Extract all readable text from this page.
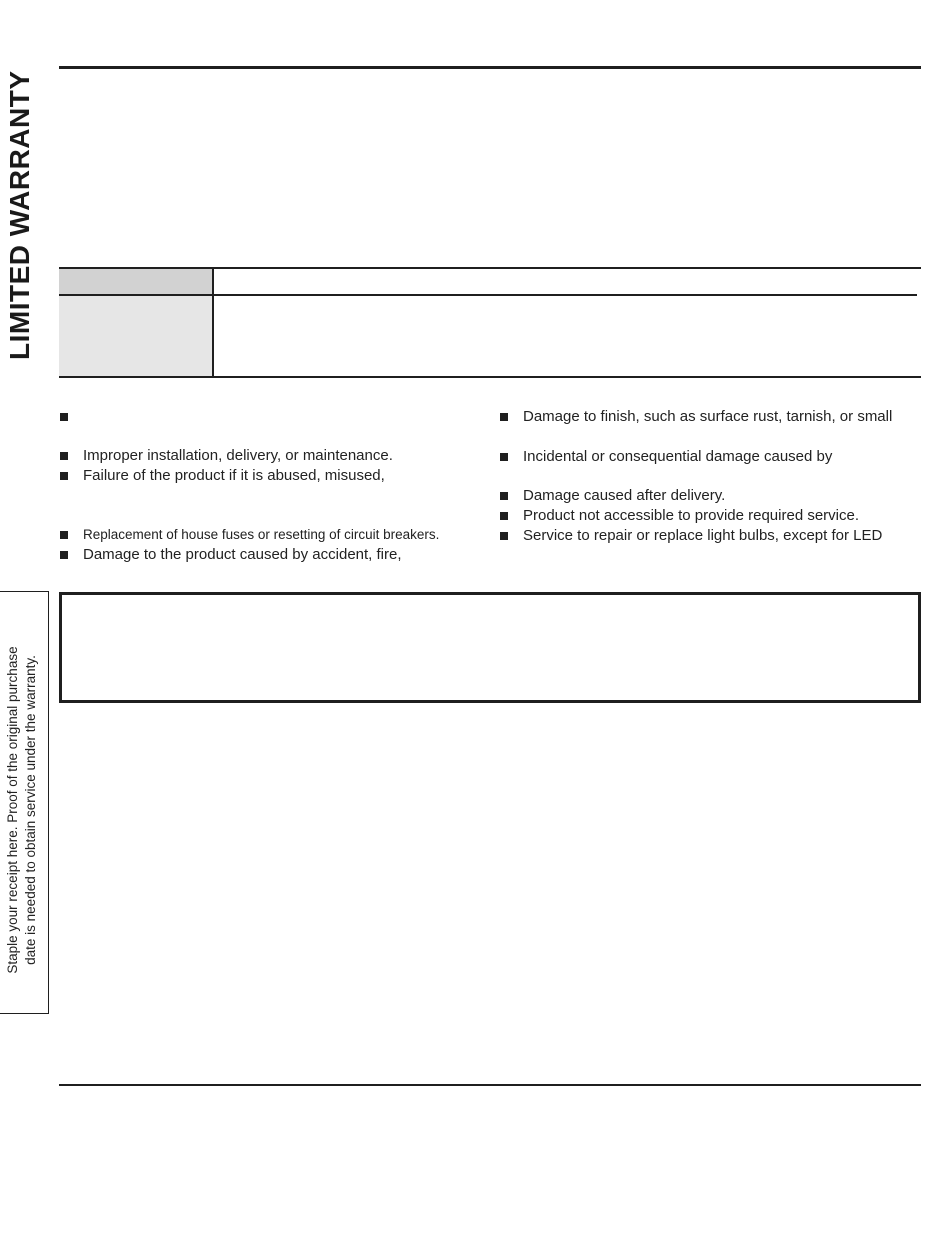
LIMITED WARRANTY
Improper installation, delivery, or maintenance.
Failure of the product if it is abused, misused,
Replacement of house fuses or resetting of circuit breakers.
Damage to the product caused by accident, fire,
Damage to finish, such as surface rust, tarnish, or small
Incidental or consequential damage caused by
Damage caused after delivery.
Product not accessible to provide required service.
Service to repair or replace light bulbs, except for LED
Staple your receipt here. Proof of the original purchase date is needed to obtain service under the warranty.
